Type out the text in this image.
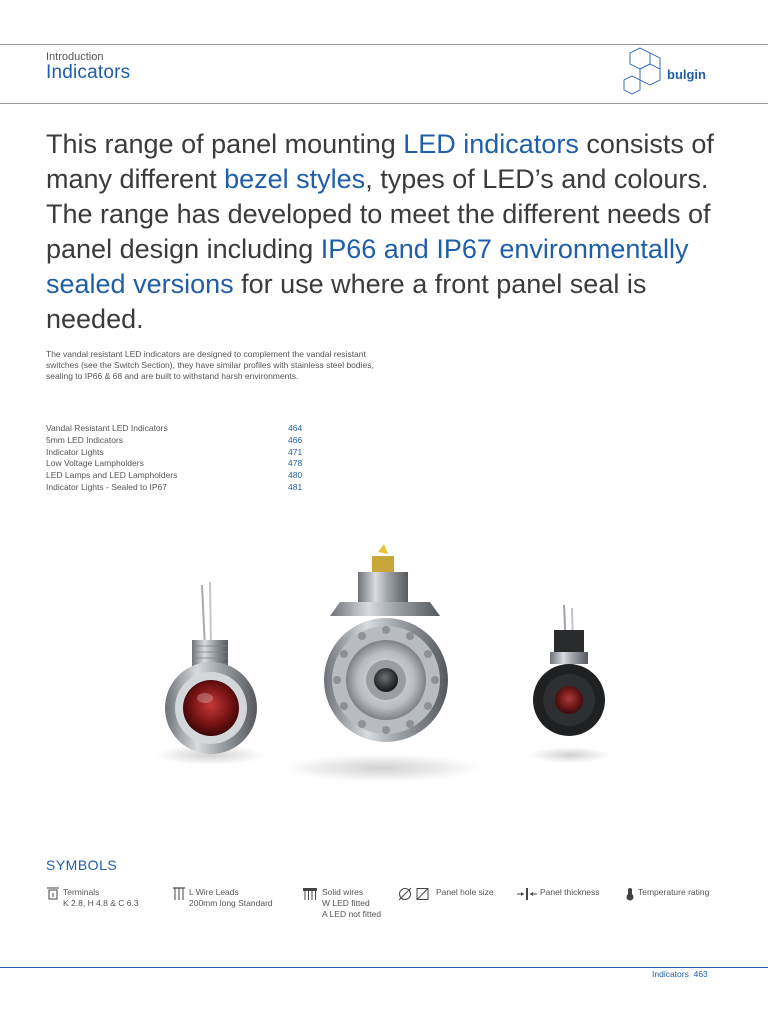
Introduction
Indicators	bulgin
This range of panel mounting LED indicators consists of many different bezel styles, types of LED’s and colours. The range has developed to meet the different needs of panel design including IP66 and IP67 environmentally sealed versions for use where a front panel seal is needed.
The vandal resistant LED indicators are designed to complement the vandal resistant switches (see the Switch Section), they have similar profiles with stainless steel bodies, sealing to IP66 & 68 and are built to withstand harsh environments.
Vandal Resistant LED Indicators	464
5mm LED Indicators	466
Indicator Lights	471
Low Voltage Lampholders	478
LED Lamps and LED Lampholders	480
Indicator Lights - Sealed to IP67	481
SYMBOLS
Terminals
K 2.8, H 4.8 & C 6.3
L Wire Leads
200mm long Standard
Solid wires
W LED fitted
A LED not fitted
Panel hole size	Panel thickness	Temperature rating
Indicators 463
